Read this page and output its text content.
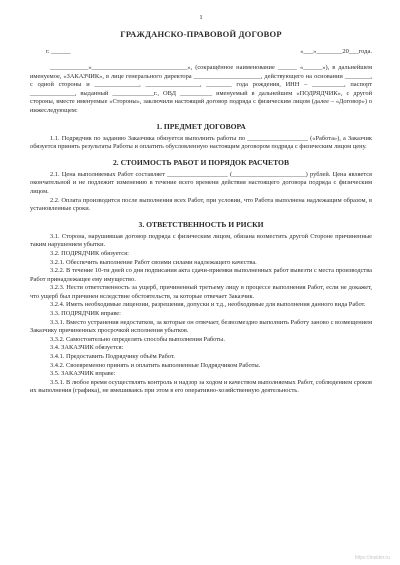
1
ГРАЖДАНСКО-ПРАВОВОЙ ДОГОВОР
г. ______	«___»________20___года.

____________«______________________________», (сокращённое наименование ______ «______»), в дальнейшем именуемое, «ЗАКАЗЧИК», в лице генерального директора _____________________, действующего на основании ________, с одной стороны и ______________, _________________, ________ года рождения, ИНН – __________, паспорт ______________, выданный _____________г., ОВД __________ именуемый в дальнейшем «ПОДРЯДЧИК», с другой стороны, вместе именуемые «Стороны», заключили настоящий договор подряда с физическим лицом (далее – «Договор») о нижеследующем:

1. ПРЕДМЕТ ДОГОВОРА

1.1. Подрядчик по заданию Заказчика обязуется выполнить работы по ___________________ («Работа»), а Заказчик обязуется принять результаты Работы и оплатить обусловленную настоящим договором подряда с физическим лицом цену.

2. СТОИМОСТЬ РАБОТ И ПОРЯДОК РАСЧЕТОВ

2.1. Цена выполняемых Работ составляет ___________________ (_______________________) рублей. Цена является окончательной и не подлежит изменению в течение всего времени действия настоящего договора подряда с физическим лицом.

2.2. Оплата производится после выполнения всех Работ, при условии, что Работа выполнена надлежащим образом, в установленные сроки.

3. ОТВЕТСТВЕННОСТЬ И РИСКИ

3.1. Сторона, нарушившая договор подряда с физическим лицом, обязана возместить другой Стороне причиненные таким нарушением убытки.

3.2. ПОДРЯДЧИК обязуется:

3.2.1. Обеспечить выполнение Работ своими силами надлежащего качества.

3.2.2. В течение 10-ти дней со дня подписания акта сдачи-приемки выполненных работ вывезти с места производства Работ принадлежащее ему имущество.

3.2.3. Нести ответственность за ущерб, причиненный третьему лицу в процессе выполнения Работ, если не докажет, что ущерб был причинен вследствие обстоятельств, за которые отвечает Заказчик.

3.2.4. Иметь необходимые лицензии, разрешения, допуски и т.д., необходимые для выполнения данного вида Работ.

3.3. ПОДРЯДЧИК вправе:

3.3.1. Вместо устранения недостатков, за которые он отвечает, безвозмездно выполнить Работу заново с возмещением Заказчику причиненных просрочкой исполнения убытков.

3.3.2. Самостоятельно определять способы выполнения Работы.

3.4. ЗАКАЗЧИК обязуется:

3.4.1. Предоставить Подрядчику объём Работ.

3.4.2. Своевременно принять и оплатить выполненные Подрядчиком Работы.

3.5. ЗАКАЗЧИК вправе:

3.5.1. В любое время осуществлять контроль и надзор за ходом и качеством выполняемых Работ, соблюдением сроков их выполнения (графика), не вмешиваясь при этом в его оперативно-хозяйственную деятельность.

https://insider.ru
